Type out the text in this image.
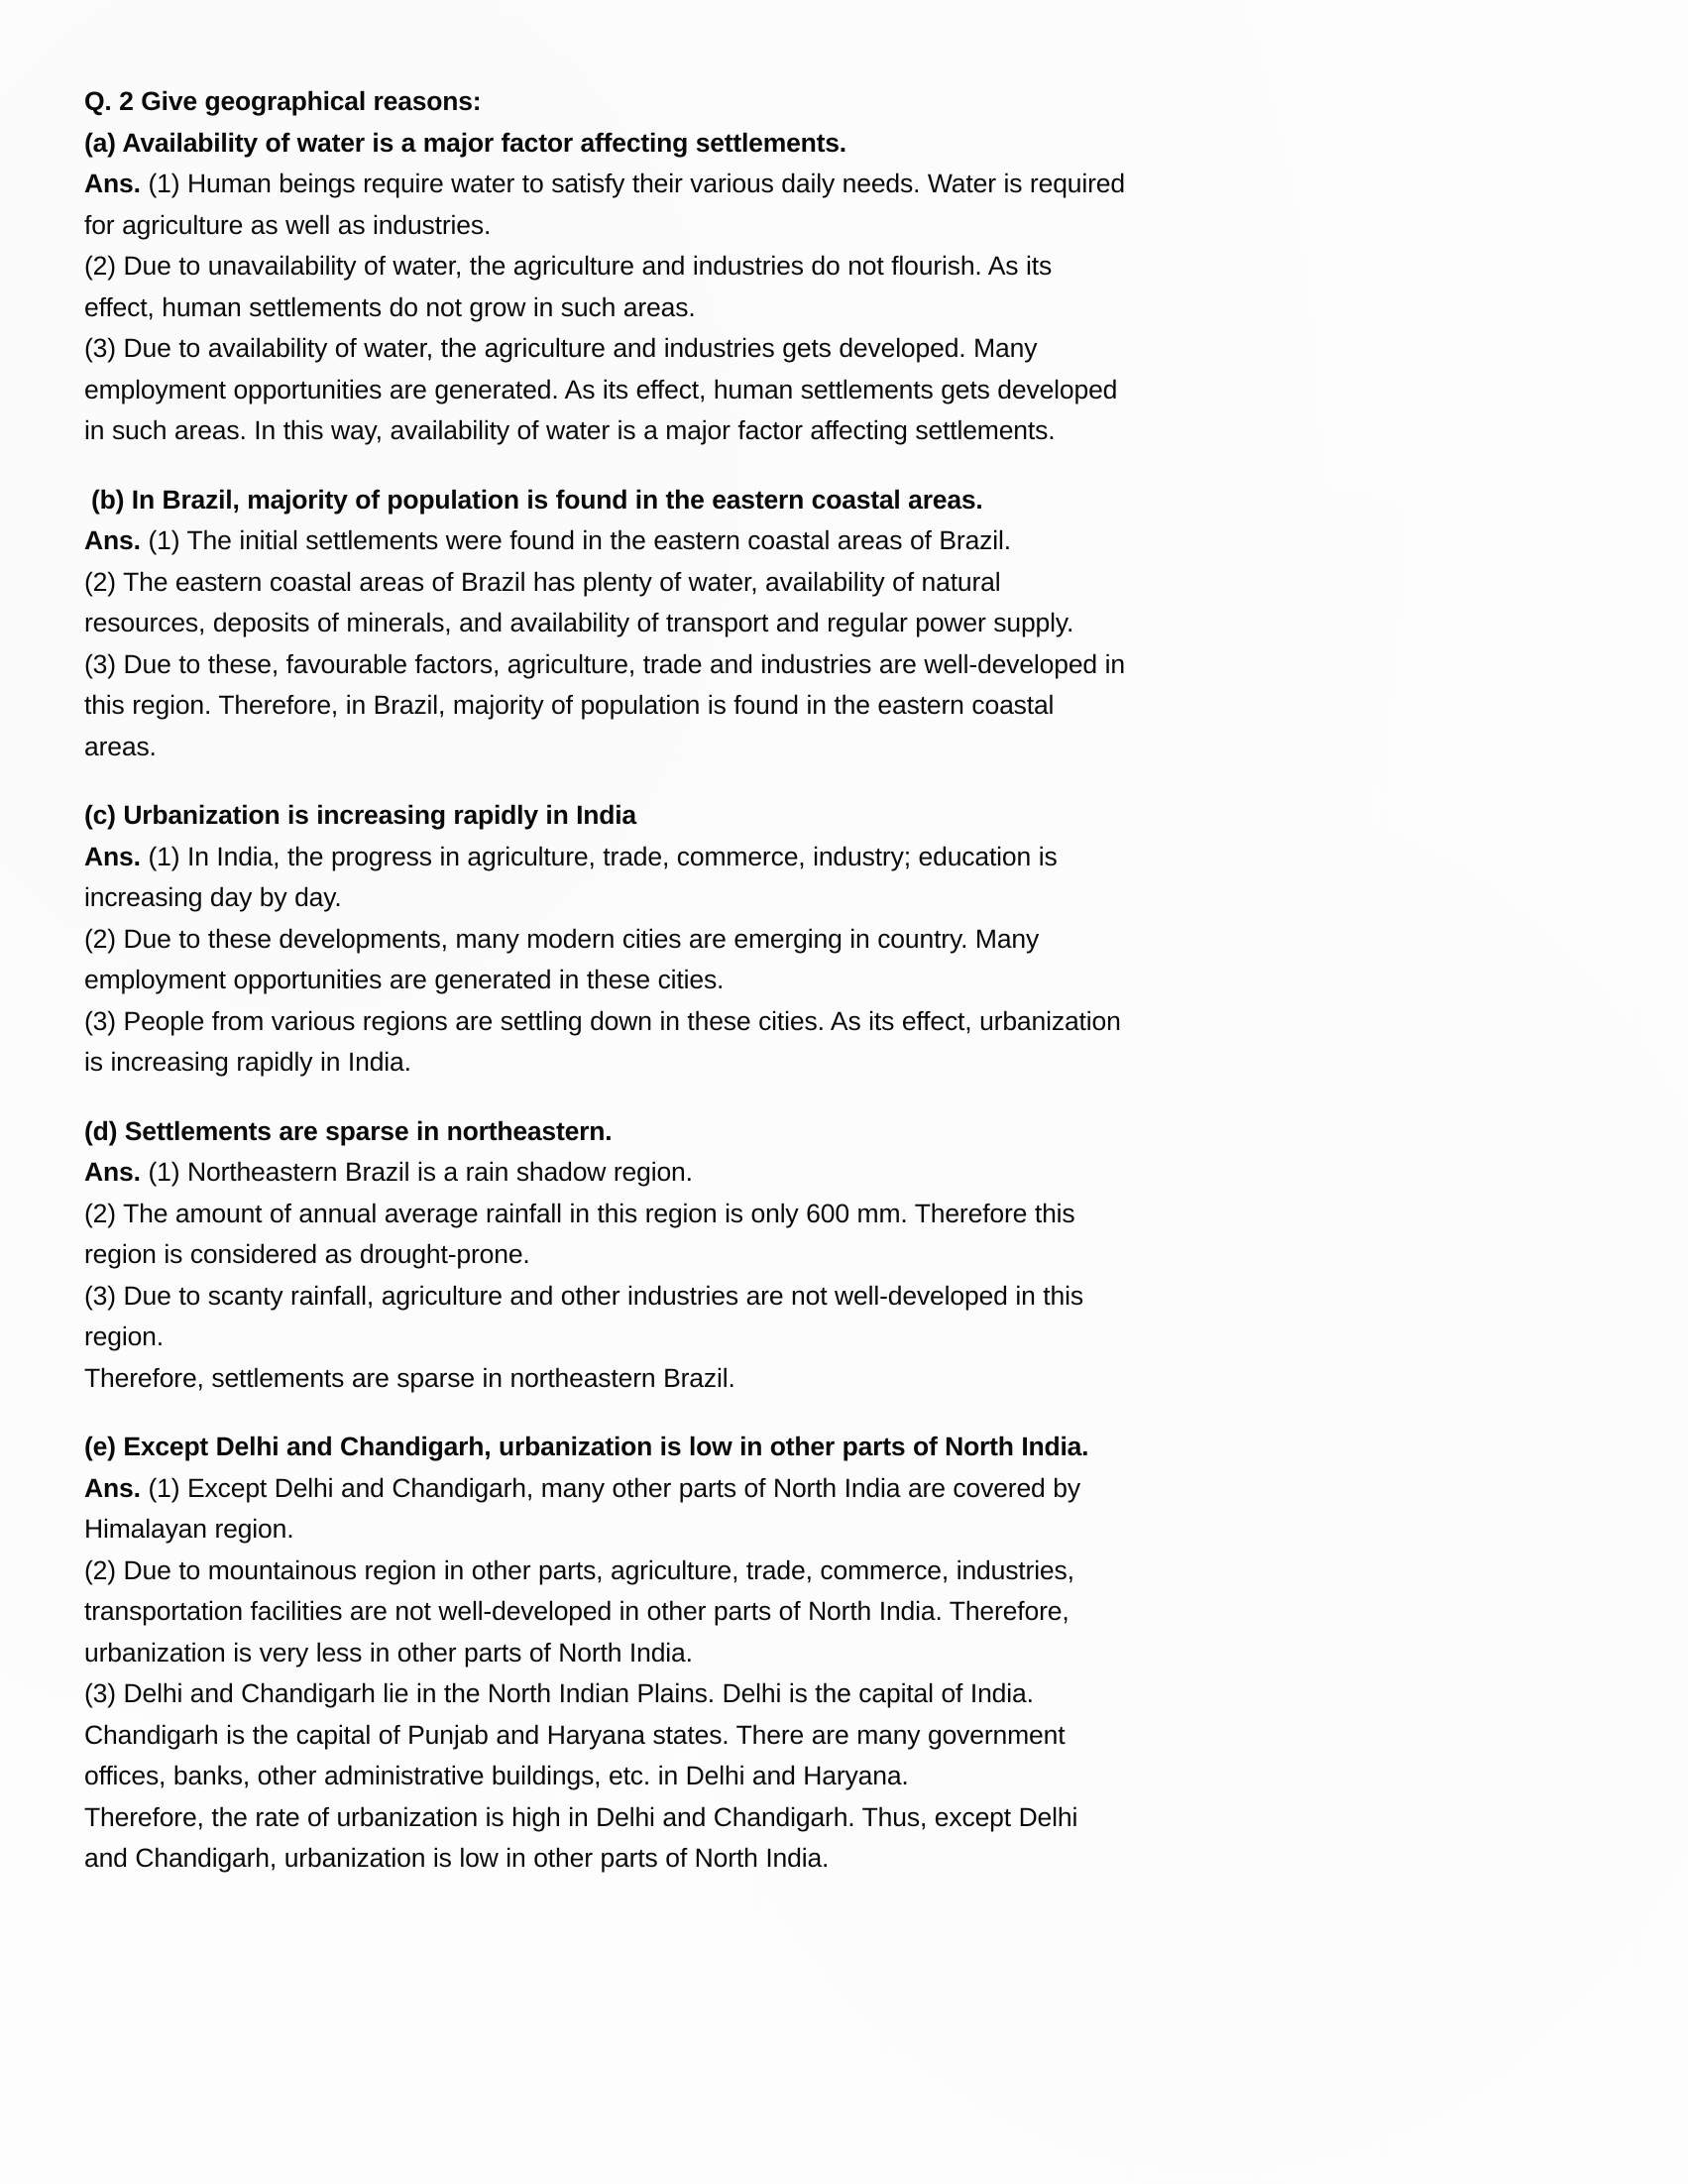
Q. 2 Give geographical reasons:

(a) Availability of water is a major factor affecting settlements.

Ans. (1) Human beings require water to satisfy their various daily needs. Water is required for agriculture as well as industries.

(2) Due to unavailability of water, the agriculture and industries do not flourish. As its effect, human settlements do not grow in such areas.

(3) Due to availability of water, the agriculture and industries gets developed. Many employment opportunities are generated. As its effect, human settlements gets developed in such areas. In this way, availability of water is a major factor affecting settlements.

(b) In Brazil, majority of population is found in the eastern coastal areas.

Ans. (1) The initial settlements were found in the eastern coastal areas of Brazil.

(2) The eastern coastal areas of Brazil has plenty of water, availability of natural resources, deposits of minerals, and availability of transport and regular power supply.

(3) Due to these, favourable factors, agriculture, trade and industries are well-developed in this region. Therefore, in Brazil, majority of population is found in the eastern coastal areas.

(c) Urbanization is increasing rapidly in India

Ans. (1) In India, the progress in agriculture, trade, commerce, industry; education is increasing day by day.

(2) Due to these developments, many modern cities are emerging in country. Many employment opportunities are generated in these cities.

(3) People from various regions are settling down in these cities. As its effect, urbanization is increasing rapidly in India.

(d) Settlements are sparse in northeastern.

Ans. (1) Northeastern Brazil is a rain shadow region.

(2) The amount of annual average rainfall in this region is only 600 mm. Therefore this region is considered as drought-prone.

(3) Due to scanty rainfall, agriculture and other industries are not well-developed in this region.

Therefore, settlements are sparse in northeastern Brazil.

(e) Except Delhi and Chandigarh, urbanization is low in other parts of North India.

Ans. (1) Except Delhi and Chandigarh, many other parts of North India are covered by Himalayan region.

(2) Due to mountainous region in other parts, agriculture, trade, commerce, industries, transportation facilities are not well-developed in other parts of North India. Therefore, urbanization is very less in other parts of North India.

(3) Delhi and Chandigarh lie in the North Indian Plains. Delhi is the capital of India. Chandigarh is the capital of Punjab and Haryana states. There are many government offices, banks, other administrative buildings, etc. in Delhi and Haryana.

Therefore, the rate of urbanization is high in Delhi and Chandigarh. Thus, except Delhi and Chandigarh, urbanization is low in other parts of North India.
